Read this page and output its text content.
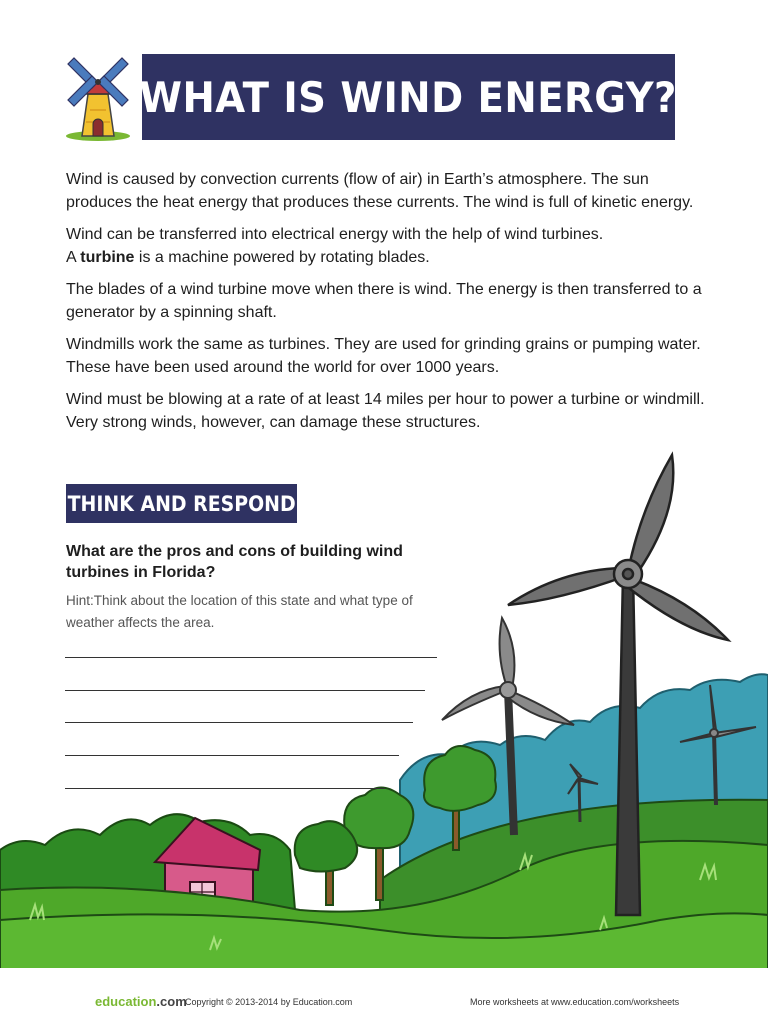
WHAT IS WIND ENERGY?

Wind is caused by convection currents (flow of air) in Earth’s atmosphere. The sun produces the heat energy that produces these currents. The wind is full of kinetic energy.

Wind can be transferred into electrical energy with the help of wind turbines.
A turbine is a machine powered by rotating blades.

The blades of a wind turbine move when there is wind. The energy is then transferred to a generator by a spinning shaft.

Windmills work the same as turbines. They are used for grinding grains or pumping water. These have been used around the world for over 1000 years.

Wind must be blowing at a rate of at least 14 miles per hour to power a turbine or windmill. Very strong winds, however, can damage these structures.

THINK AND RESPOND
What are the pros and cons of building wind turbines in Florida?
Hint:Think about the location of this state and what type of weather affects the area.
education.com
Copyright © 2013-2014 by Education.com	More worksheets at www.education.com/worksheets
